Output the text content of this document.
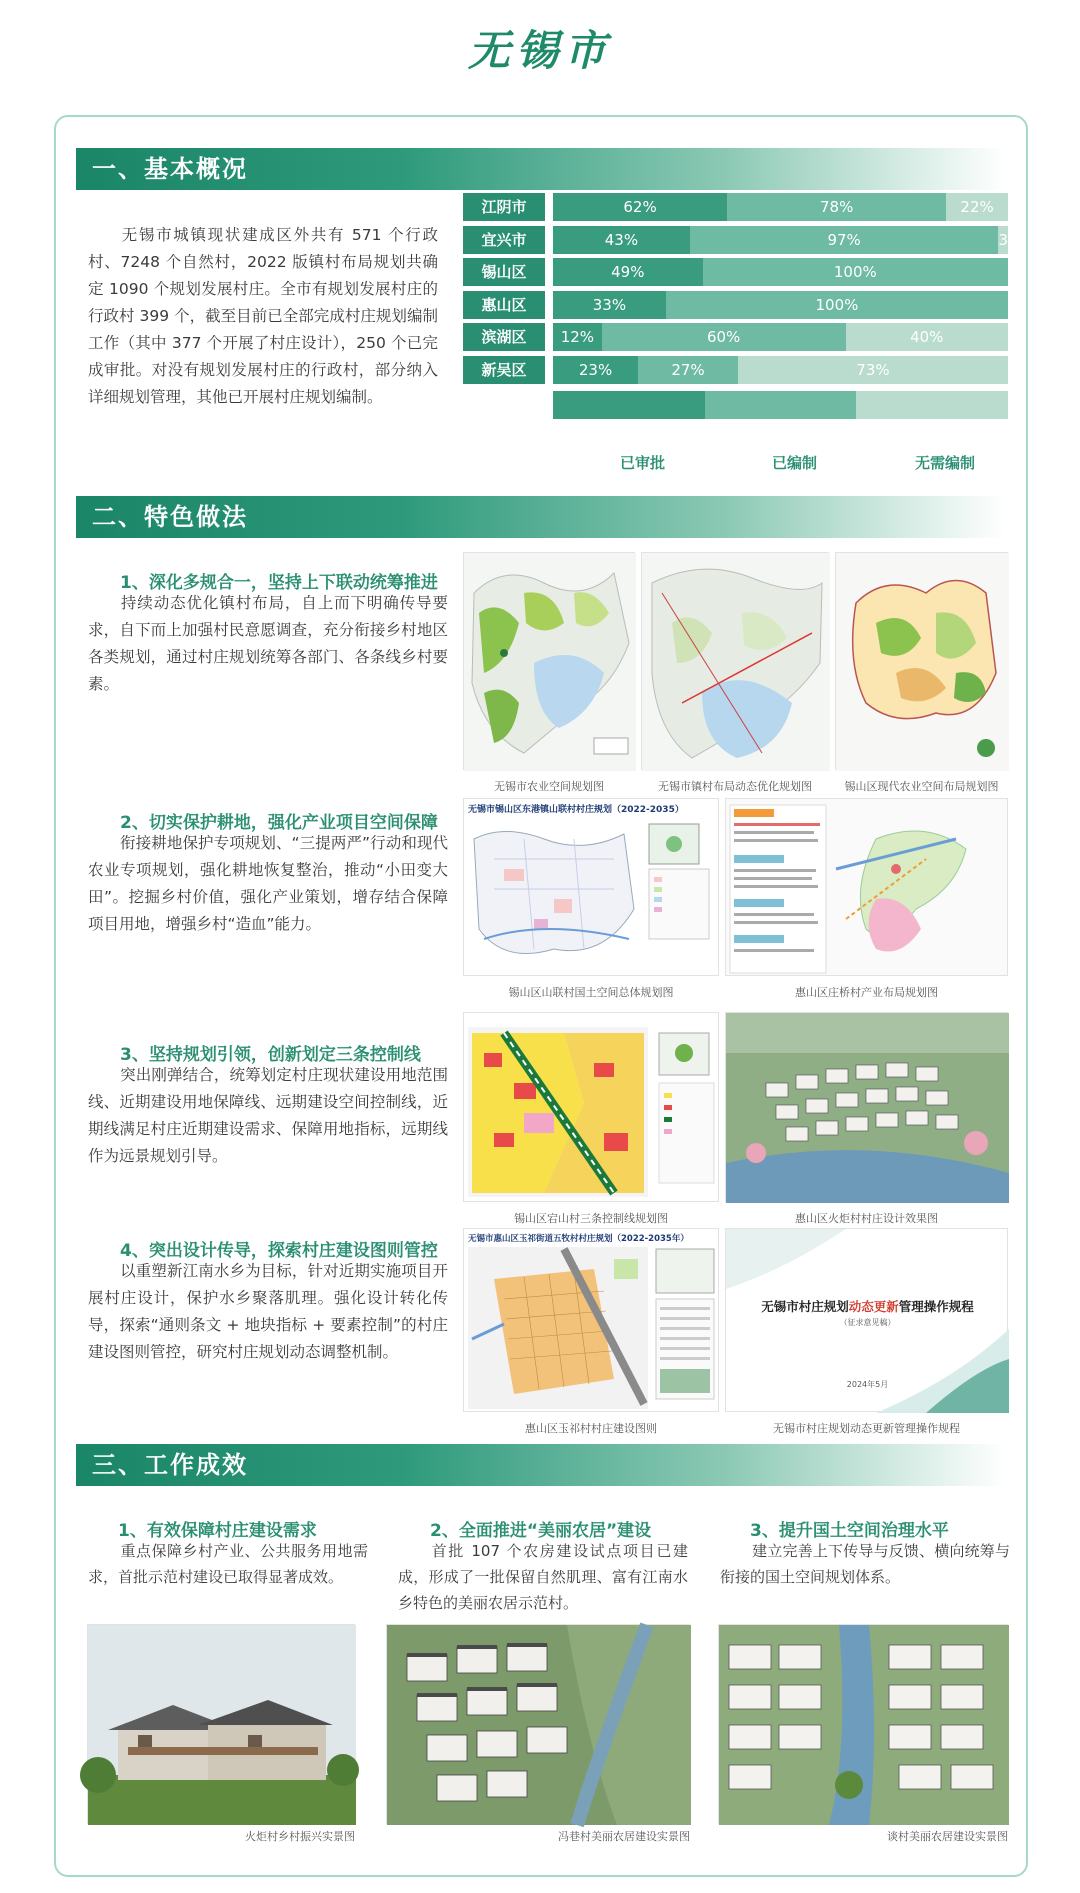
无锡市
一、基本概况
无锡市城镇现状建成区外共有 571 个行政村、7248 个自然村，2022 版镇村布局规划共确定 1090 个规划发展村庄。全市有规划发展村庄的行政村 399 个，截至目前已全部完成村庄规划编制工作（其中 377 个开展了村庄设计），250 个已完成审批。对没有规划发展村庄的行政村，部分纳入详细规划管理，其他已开展村庄规划编制。
江阴市	62%	78%	22%
宜兴市	43%	97%	3%
锡山区	49%	100%
惠山区	33%	100%
滨湖区	12%	60%	40%
新吴区	23%	27%	73%
已审批	已编制	无需编制
二、特色做法
1、深化多规合一，坚持上下联动统筹推进
持续动态优化镇村布局，自上而下明确传导要求，自下而上加强村民意愿调查，充分衔接乡村地区各类规划，通过村庄规划统筹各部门、各条线乡村要素。
无锡市农业空间规划图	无锡市镇村布局动态优化规划图	锡山区现代农业空间布局规划图
2、切实保护耕地，强化产业项目空间保障
衔接耕地保护专项规划、“三提两严”行动和现代农业专项规划，强化耕地恢复整治，推动“小田变大田”。挖掘乡村价值，强化产业策划，增存结合保障项目用地，增强乡村“造血”能力。
无锡市锡山区东港镇山联村村庄规划（2022-2035）
锡山区山联村国土空间总体规划图	惠山区庄桥村产业布局规划图
3、坚持规划引领，创新划定三条控制线
突出刚弹结合，统筹划定村庄现状建设用地范围线、近期建设用地保障线、远期建设空间控制线，近期线满足村庄近期建设需求、保障用地指标，远期线作为远景规划引导。
锡山区宕山村三条控制线规划图	惠山区火炬村村庄设计效果图
4、突出设计传导，探索村庄建设图则管控
以重塑新江南水乡为目标，针对近期实施项目开展村庄设计，保护水乡聚落肌理。强化设计转化传导，探索“通则条文 + 地块指标 + 要素控制”的村庄建设图则管控，研究村庄规划动态调整机制。
无锡市惠山区玉祁街道五牧村村庄规划（2022-2035年）
无锡市村庄规划动态更新管理操作规程
（征求意见稿）
2024年5月
惠山区玉祁村村庄建设图则	无锡市村庄规划动态更新管理操作规程
三、工作成效
1、有效保障村庄建设需求
重点保障乡村产业、公共服务用地需求，首批示范村建设已取得显著成效。
2、全面推进“美丽农居”建设
首批 107 个农房建设试点项目已建成，形成了一批保留自然肌理、富有江南水乡特色的美丽农居示范村。
3、提升国土空间治理水平
建立完善上下传导与反馈、横向统筹与衔接的国土空间规划体系。
火炬村乡村振兴实景图	冯巷村美丽农居建设实景图	谈村美丽农居建设实景图
